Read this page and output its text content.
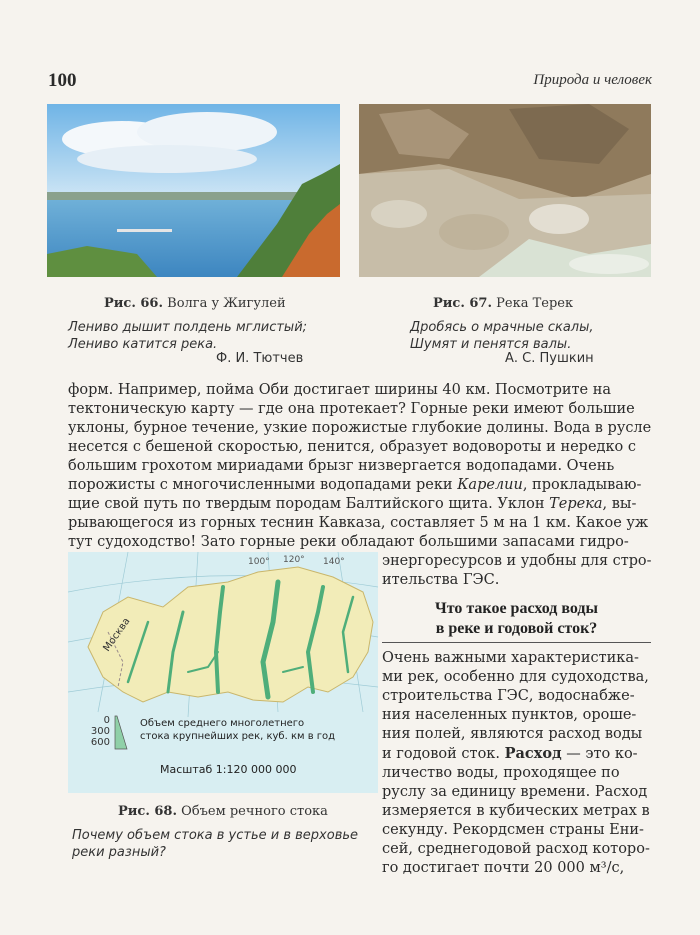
100	Природа и человек
Рис. 66. Волга у Жигулей	Рис. 67. Река Терек
Лениво дышит полдень мглистый;
Лениво катится река.
Ф. И. Тютчев
Дробясь о мрачные скалы,
Шумят и пенятся валы.
А. С. Пушкин
форм. Например, пойма Оби достигает ширины 40 км. Посмотрите на
тектоническую карту — где она протекает? Горные реки имеют большие
уклоны, бурное течение, узкие порожистые глубокие долины. Вода в русле
несется с бешеной скоростью, пенится, образует водовороты и нередко с
большим грохотом мириадами брызг низвергается водопадами. Очень
порожисты с многочисленными водопадами реки Карелии, прокладываю-
щие свой путь по твердым породам Балтийского щита. Уклон Терека, вы-
рывающегося из горных теснин Кавказа, составляет 5 м на 1 км. Какое уж
тут судоходство! Зато горные реки обладают большими запасами гидро-
энергоресурсов и удобны для стро-
ительства ГЭС.
Москва
100° 120° 140°
0
300
600
Объем среднего многолетнего
стока крупнейших рек, куб. км в год
Масштаб 1:120 000 000
Рис. 68. Объем речного стока
Почему объем стока в устье и в верховье
реки разный?
Что такое расход воды
в реке и годовой сток?
Очень важными характеристика-
ми рек, особенно для судоходства,
строительства ГЭС, водоснабже-
ния населенных пунктов, ороше-
ния полей, являются расход воды
и годовой сток. Расход — это ко-
личество воды, проходящее по
руслу за единицу времени. Расход
измеряется в кубических метрах в
секунду. Рекордсмен страны Ени-
сей, среднегодовой расход которо-
го достигает почти 20 000 м³/с,
